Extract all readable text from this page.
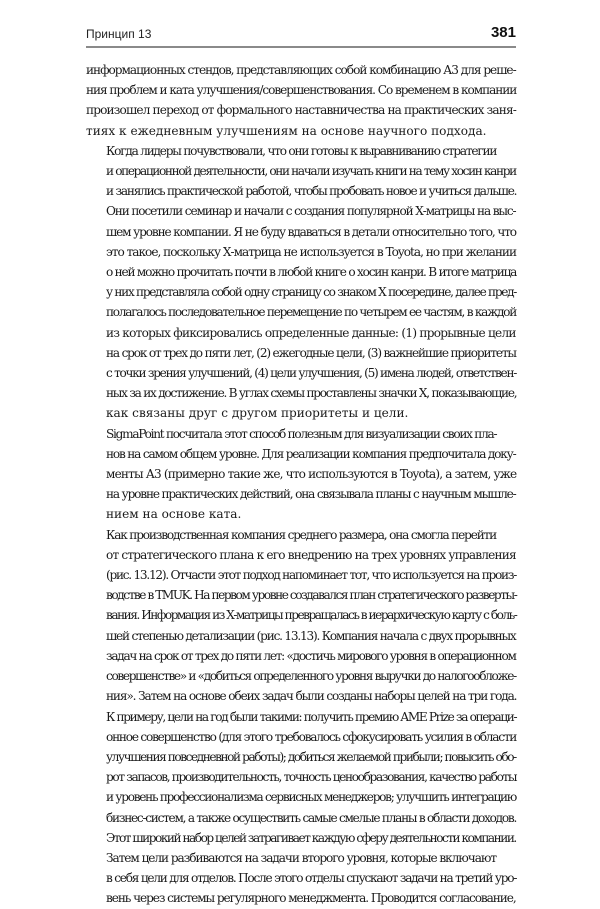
Принцип 13	381

информационных стендов, представляющих собой комбинацию А3 для реше-
ния проблем и ката улучшения/совершенствования. Со временем в компании
произошел переход от формального наставничества на практических заня-
тиях к ежедневным улучшениям на основе научного подхода.

Когда лидеры почувствовали, что они готовы к выравниванию стратегии
и операционной деятельности, они начали изучать книги на тему хосин канри
и занялись практической работой, чтобы пробовать новое и учиться дальше.
Они посетили семинар и начали с создания популярной Х-матрицы на выс-
шем уровне компании. Я не буду вдаваться в детали относительно того, что
это такое, поскольку Х-матрица не используется в Toyota, но при желании
о ней можно прочитать почти в любой книге о хосин канри. В итоге матрица
у них представляла собой одну страницу со знаком Х посередине, далее пред-
полагалось последовательное перемещение по четырем ее частям, в каждой
из которых фиксировались определенные данные: (1) прорывные цели
на срок от трех до пяти лет, (2) ежегодные цели, (3) важнейшие приоритеты
с точки зрения улучшений, (4) цели улучшения, (5) имена людей, ответствен-
ных за их достижение. В углах схемы проставлены значки Х, показывающие,
как связаны друг с другом приоритеты и цели.

SigmaPoint посчитала этот способ полезным для визуализации своих пла-
нов на самом общем уровне. Для реализации компания предпочитала доку-
менты А3 (примерно такие же, что используются в Toyota), а затем, уже
на уровне практических действий, она связывала планы с научным мышле-
нием на основе ката.

Как производственная компания среднего размера, она смогла перейти
от стратегического плана к его внедрению на трех уровнях управления
(рис. 13.12). Отчасти этот подход напоминает тот, что используется на произ-
водстве в TMUK. На первом уровне создавался план стратегического разверты-
вания. Информация из Х-матрицы превращалась в иерархическую карту с боль-
шей степенью детализации (рис. 13.13). Компания начала с двух прорывных
задач на срок от трех до пяти лет: «достичь мирового уровня в операционном
совершенстве» и «добиться определенного уровня выручки до налогообложе-
ния». Затем на основе обеих задач были созданы наборы целей на три года.
К примеру, цели на год были такими: получить премию AME Prize за операци-
онное совершенство (для этого требовалось сфокусировать усилия в области
улучшения повседневной работы); добиться желаемой прибыли; повысить обо-
рот запасов, производительность, точность ценообразования, качество работы
и уровень профессионализма сервисных менеджеров; улучшить интеграцию
бизнес-систем, а также осуществить самые смелые планы в области доходов.
Этот широкий набор целей затрагивает каждую сферу деятельности компании.

Затем цели разбиваются на задачи второго уровня, которые включают
в себя цели для отделов. После этого отделы спускают задачи на третий уро-
вень через системы регулярного менеджмента. Проводится согласование,
